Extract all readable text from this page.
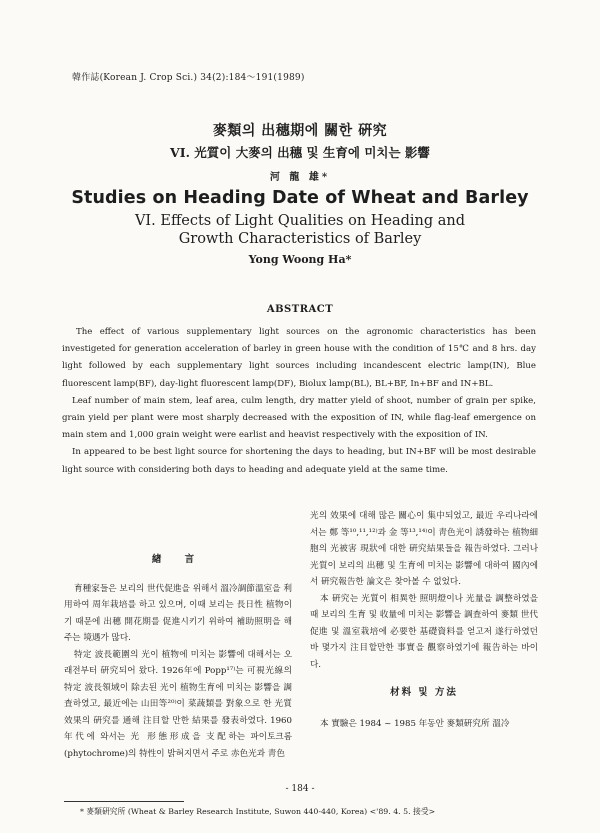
韓作誌(Korean J. Crop Sci.) 34(2):184〜191(1989)
麥類의 出穗期에 關한 硏究
VI. 光質이 大麥의 出穗 및 生育에 미치는 影響
河 龍 雄*
Studies on Heading Date of Wheat and Barley
VI. Effects of Light Qualities on Heading and
Growth Characteristics of Barley
Yong Woong Ha*
ABSTRACT

The effect of various supplementary light sources on the agronomic characteristics has been investigeted for generation acceleration of barley in green house with the condition of 15℃ and 8 hrs. day light followed by each supplementary light sources including incandescent electric lamp(IN), Blue fluorescent lamp(BF), day-light fluorescent lamp(DF), Biolux lamp(BL), BL+BF, In+BF and IN+BL.

Leaf number of main stem, leaf area, culm length, dry matter yield of shoot, number of grain per spike, grain yield per plant were most sharply decreased with the exposition of IN, while flag-leaf emergence on main stem and 1,000 grain weight were earlist and heavist respectively with the exposition of IN.

In appeared to be best light source for shortening the days to heading, but IN+BF will be most desirable light source with considering both days to heading and adequate yield at the same time.

緖 言

育種家들은 보리의 世代促進을 위해서 溫冷調節溫室을 利用하여 周年栽培를 하고 있으며, 이때 보리는 長日性 植物이기 때문에 出穗 開花期를 促進시키기 위하여 補助照明을 해 주는 境遇가 많다.

特定 波長範圍의 光이 植物에 미치는 影響에 대해서는 오래전부터 硏究되어 왔다. 1926年에 Popp¹⁷⁾는 可視光線의 特定 波長領域이 除去된 光이 植物生育에 미치는 影響을 調査하였고, 最近에는 山田等²⁰⁾이 菜蔬類를 對象으로 한 光質效果의 硏究를 通해 注目할 만한 結果를 發表하였다. 1960年代에 와서는 光 形態形成을 支配하는 파이토크롬(phytochrome)의 特性이 밝혀지면서 주로 赤色光과 靑色

光의 效果에 대해 많은 關心이 集中되었고, 最近 우리나라에서는 鄭 等¹⁰,¹¹,¹²⁾과 金 等¹³,¹⁴⁾이 靑色光이 誘發하는 植物細胞의 光被害 現狀에 대한 硏究結果들을 報告하였다. 그러나 光質이 보리의 出穗 및 生育에 미치는 影響에 대하여 國內에서 硏究報告한 論文은 찾아볼 수 없었다.

本 硏究는 光質이 相異한 照明燈이나 光量을 調整하였을때 보리의 生育 및 收量에 미치는 影響을 調査하여 麥類 世代促進 및 溫室栽培에 必要한 基礎資料를 얻고저 遂行하였던 바 몇가지 注目할만한 事實을 觀察하였기에 報告하는 바이다.

材料 및 方法

本 實驗은 1984 ~ 1985 年동안 麥類硏究所 溫冷

- 184 -
* 麥類硏究所 (Wheat & Barley Research Institute, Suwon 440-440, Korea) <'89. 4. 5. 接受>
